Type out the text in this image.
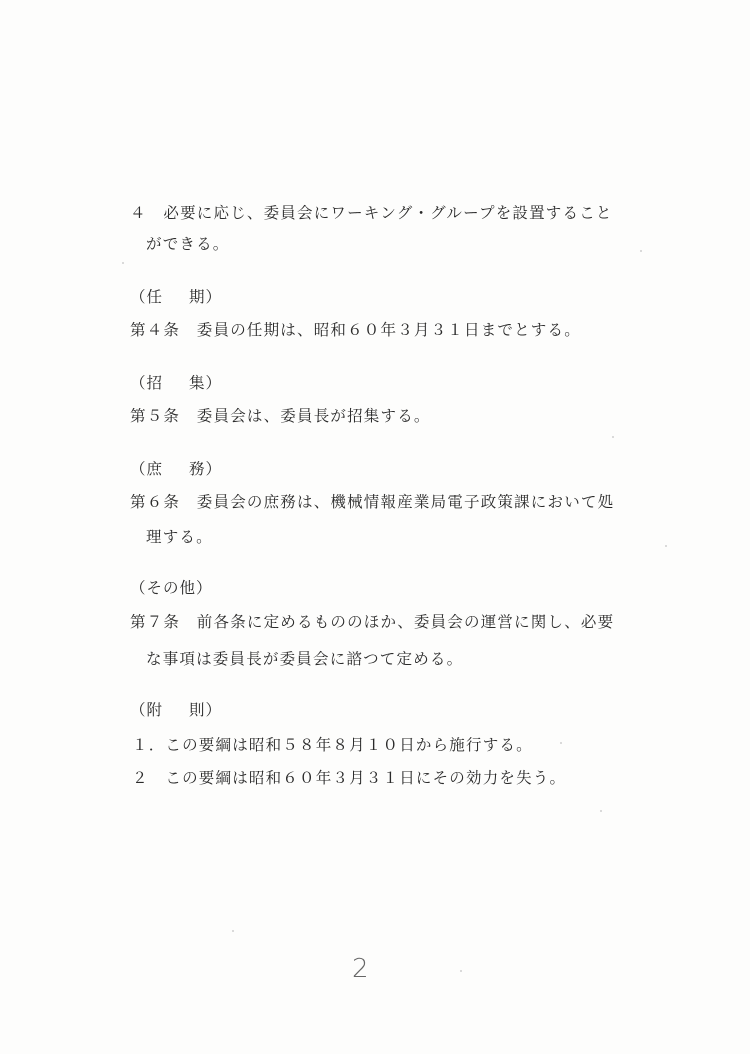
４　必要に応じ、委員会にワーキング・グループを設置すること
ができる。
（任 期）
第４条　委員の任期は、昭和６０年３月３１日までとする。
（招 集）
第５条　委員会は、委員長が招集する。
（庶 務）
第６条　委員会の庶務は、機械情報産業局電子政策課において処
理する。
（その他）
第７条　前各条に定めるもののほか、委員会の運営に関し、必要
な事項は委員長が委員会に諮つて定める。
（附 則）
１．この要綱は昭和５８年８月１０日から施行する。
２　この要綱は昭和６０年３月３１日にその効力を失う。
2
